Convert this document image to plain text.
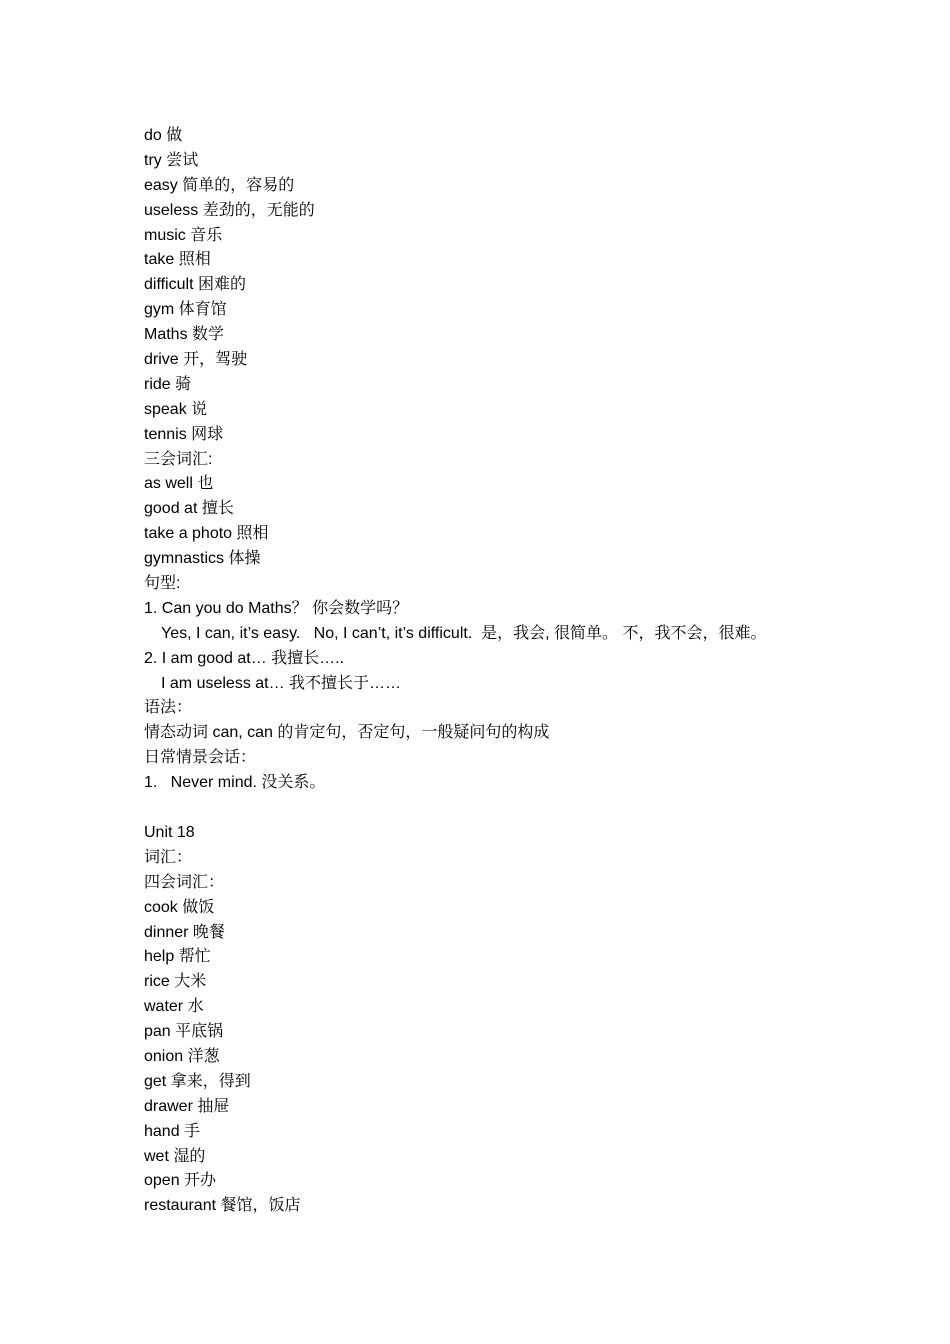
do 做
try 尝试
easy 简单的，容易的
useless 差劲的，无能的
music 音乐
take 照相
difficult 困难的
gym 体育馆
Maths 数学
drive 开，驾驶
ride 骑
speak 说
tennis 网球
三会词汇:
as well 也
good at 擅长
take a photo 照相
gymnastics 体操
句型:
1. Can you do Maths？ 你会数学吗？
Yes, I can, it’s easy.   No, I can’t, it’s difficult.  是，我会, 很简单。 不，我不会，很难。
2. I am good at… 我擅长…..
I am useless at… 我不擅长于……
语法：
情态动词 can, can 的肯定句，否定句，一般疑问句的构成
日常情景会话：
1.   Never mind. 没关系。
Unit 18
词汇：
四会词汇：
cook 做饭
dinner 晚餐
help 帮忙
rice 大米
water 水
pan 平底锅
onion 洋葱
get 拿来，得到
drawer 抽屉
hand 手
wet 湿的
open 开办
restaurant 餐馆，饭店
